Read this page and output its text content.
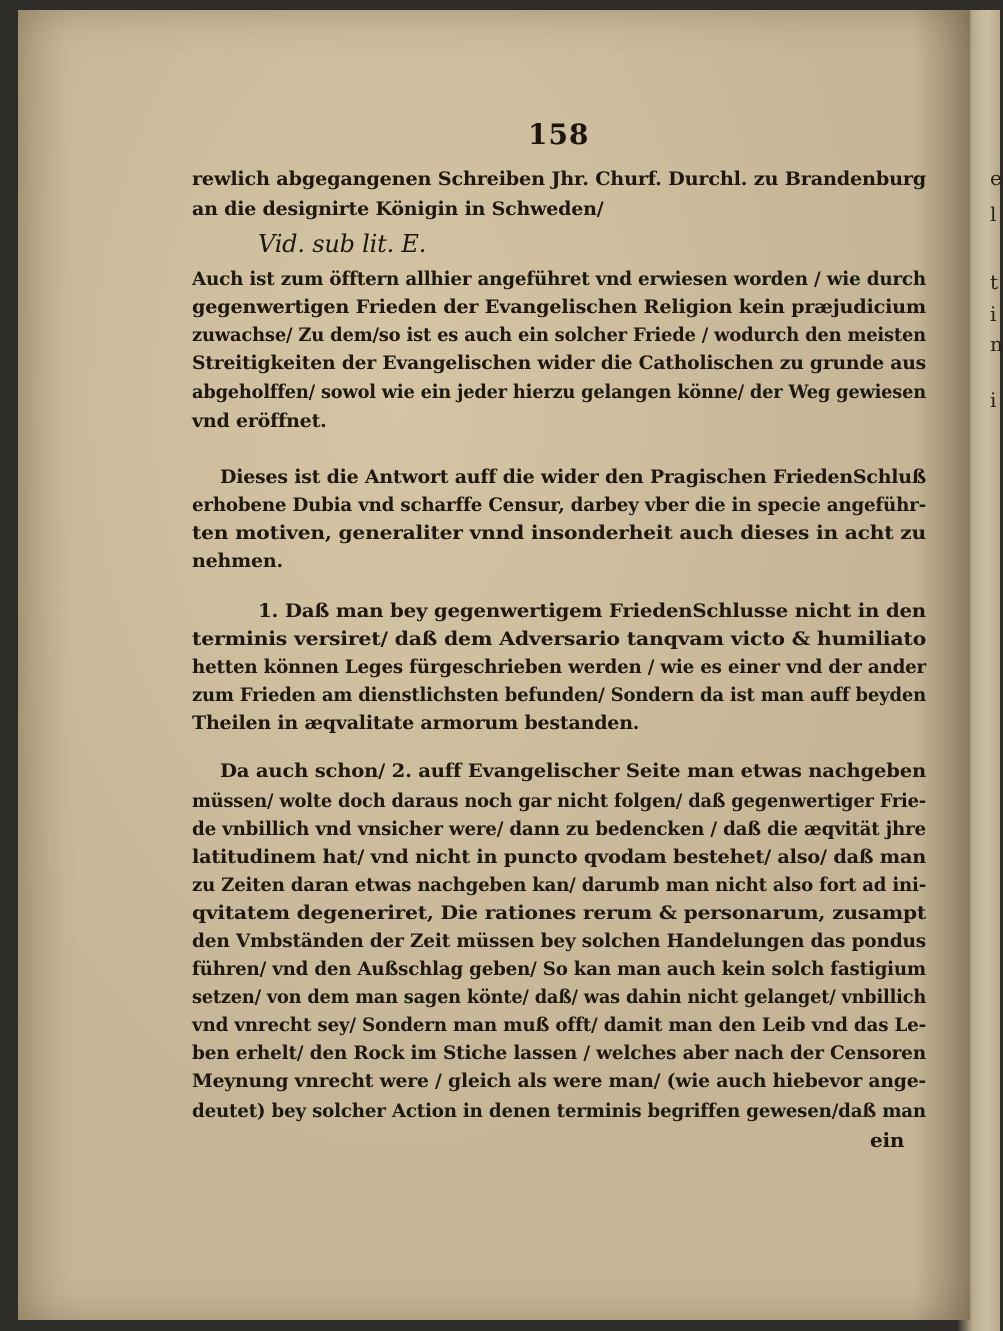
e
l
t
i
n
i
158
rewlich abgegangenen Schreiben Jhr. Churf. Durchl. zu Brandenburg
an die designirte Königin in Schweden/
Vid. sub lit. E.
Auch ist zum öfftern allhier angeführet vnd erwiesen worden / wie durch
gegenwertigen Frieden der Evangelischen Religion kein præjudicium
zuwachse/ Zu dem/so ist es auch ein solcher Friede / wodurch den meisten
Streitigkeiten der Evangelischen wider die Catholischen zu grunde aus
abgeholffen/ sowol wie ein jeder hierzu gelangen könne/ der Weg gewiesen
vnd eröffnet.
Dieses ist die Antwort auff die wider den Pragischen FriedenSchluß
erhobene Dubia vnd scharffe Censur, darbey vber die in specie angeführ-
ten motiven, generaliter vnnd insonderheit auch dieses in acht zu
nehmen.
1. Daß man bey gegenwertigem FriedenSchlusse nicht in den
terminis versiret/ daß dem Adversario tanqvam victo & humiliato
hetten können Leges fürgeschrieben werden / wie es einer vnd der ander
zum Frieden am dienstlichsten befunden/ Sondern da ist man auff beyden
Theilen in æqvalitate armorum bestanden.
Da auch schon/ 2. auff Evangelischer Seite man etwas nachgeben
müssen/ wolte doch daraus noch gar nicht folgen/ daß gegenwertiger Frie-
de vnbillich vnd vnsicher were/ dann zu bedencken / daß die æqvität jhre
latitudinem hat/ vnd nicht in puncto qvodam bestehet/ also/ daß man
zu Zeiten daran etwas nachgeben kan/ darumb man nicht also fort ad ini-
qvitatem degeneriret, Die rationes rerum & personarum, zusampt
den Vmbständen der Zeit müssen bey solchen Handelungen das pondus
führen/ vnd den Außschlag geben/ So kan man auch kein solch fastigium
setzen/ von dem man sagen könte/ daß/ was dahin nicht gelanget/ vnbillich
vnd vnrecht sey/ Sondern man muß offt/ damit man den Leib vnd das Le-
ben erhelt/ den Rock im Stiche lassen / welches aber nach der Censoren
Meynung vnrecht were / gleich als were man/ (wie auch hiebevor ange-
deutet) bey solcher Action in denen terminis begriffen gewesen/daß man
ein
